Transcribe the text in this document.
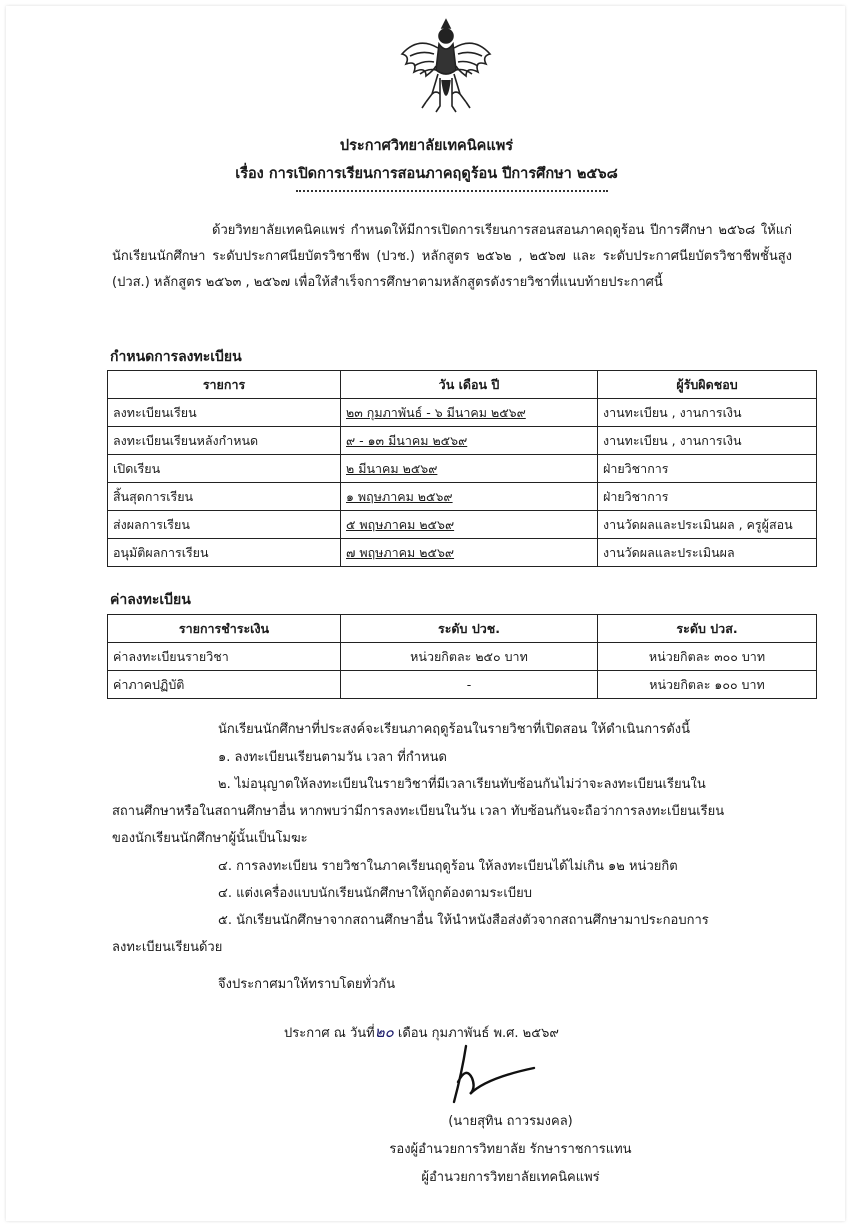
ประกาศวิทยาลัยเทคนิคแพร่
เรื่อง การเปิดการเรียนการสอนภาคฤดูร้อน ปีการศึกษา ๒๕๖๘
ด้วยวิทยาลัยเทคนิคแพร่ กำหนดให้มีการเปิดการเรียนการสอนสอนภาคฤดูร้อน ปีการศึกษา ๒๕๖๘ ให้แก่นักเรียนนักศึกษา ระดับประกาศนียบัตรวิชาชีพ (ปวช.) หลักสูตร ๒๕๖๒ , ๒๕๖๗ และ ระดับประกาศนียบัตรวิชาชีพชั้นสูง (ปวส.) หลักสูตร ๒๕๖๓ , ๒๕๖๗ เพื่อให้สำเร็จการศึกษาตามหลักสูตรดังรายวิชาที่แนบท้ายประกาศนี้
กำหนดการลงทะเบียน
รายการ	วัน เดือน ปี	ผู้รับผิดชอบ
ลงทะเบียนเรียน	๒๓ กุมภาพันธ์ - ๖ มีนาคม ๒๕๖๙	งานทะเบียน , งานการเงิน
ลงทะเบียนเรียนหลังกำหนด	๙ - ๑๓ มีนาคม ๒๕๖๙	งานทะเบียน , งานการเงิน
เปิดเรียน	๒ มีนาคม ๒๕๖๙	ฝ่ายวิชาการ
สิ้นสุดการเรียน	๑ พฤษภาคม ๒๕๖๙	ฝ่ายวิชาการ
ส่งผลการเรียน	๕ พฤษภาคม ๒๕๖๙	งานวัดผลและประเมินผล , ครูผู้สอน
อนุมัติผลการเรียน	๗ พฤษภาคม ๒๕๖๙	งานวัดผลและประเมินผล
ค่าลงทะเบียน
รายการชำระเงิน	ระดับ ปวช.	ระดับ ปวส.
ค่าลงทะเบียนรายวิชา	หน่วยกิตละ ๒๕๐ บาท	หน่วยกิตละ ๓๐๐ บาท
ค่าภาคปฏิบัติ	-	หน่วยกิตละ ๑๐๐ บาท
นักเรียนนักศึกษาที่ประสงค์จะเรียนภาคฤดูร้อนในรายวิชาที่เปิดสอน ให้ดำเนินการดังนี้
๑. ลงทะเบียนเรียนตามวัน เวลา ที่กำหนด
๒. ไม่อนุญาตให้ลงทะเบียนในรายวิชาที่มีเวลาเรียนทับซ้อนกันไม่ว่าจะลงทะเบียนเรียนใน
สถานศึกษาหรือในสถานศึกษาอื่น หากพบว่ามีการลงทะเบียนในวัน เวลา ทับซ้อนกันจะถือว่าการลงทะเบียนเรียน
ของนักเรียนนักศึกษาผู้นั้นเป็นโมฆะ
๔. การลงทะเบียน รายวิชาในภาคเรียนฤดูร้อน ให้ลงทะเบียนได้ไม่เกิน ๑๒ หน่วยกิต
๔. แต่งเครื่องแบบนักเรียนนักศึกษาให้ถูกต้องตามระเบียบ
๕. นักเรียนนักศึกษาจากสถานศึกษาอื่น ให้นำหนังสือส่งตัวจากสถานศึกษามาประกอบการ
ลงทะเบียนเรียนด้วย
จึงประกาศมาให้ทราบโดยทั่วกัน
ประกาศ ณ วันที่๒๐ เดือน กุมภาพันธ์ พ.ศ. ๒๕๖๙
(นายสุทิน ถาวรมงคล)
รองผู้อำนวยการวิทยาลัย รักษาราชการแทน
ผู้อำนวยการวิทยาลัยเทคนิคแพร่
